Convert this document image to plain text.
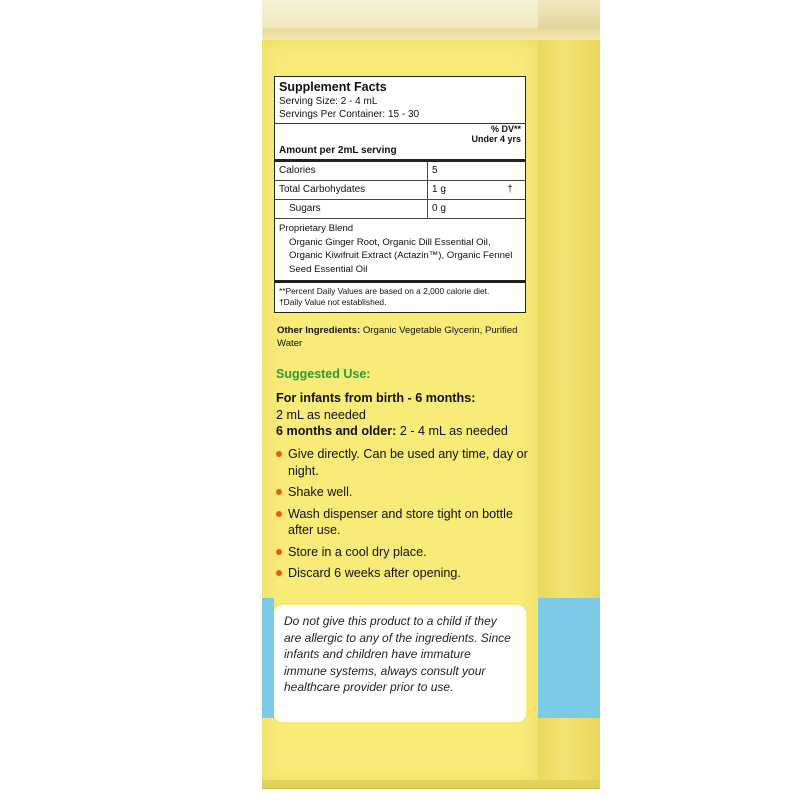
Supplement Facts
Serving Size: 2 - 4 mL
Servings Per Container: 15 - 30
% DV**
Under 4 yrs
Amount per 2mL serving
Calories	5
Total Carbohydates	1 g	†
Sugars	0 g
Proprietary Blend
Organic Ginger Root, Organic Dill Essential Oil, Organic Kiwifruit Extract (Actazin™), Organic Fennel Seed Essential Oil
**Percent Daily Values are based on a 2,000 calorie diet.
†Daily Value not established.
Other Ingredients: Organic Vegetable Glycerin, Purified Water
Suggested Use:
For infants from birth - 6 months:
2 mL as needed
6 months and older: 2 - 4 mL as needed
Give directly. Can be used any time, day or night.
Shake well.
Wash dispenser and store tight on bottle after use.
Store in a cool dry place.
Discard 6 weeks after opening.
Do not give this product to a child if they are allergic to any of the ingredients. Since infants and children have immature immune systems, always consult your healthcare provider prior to use.
